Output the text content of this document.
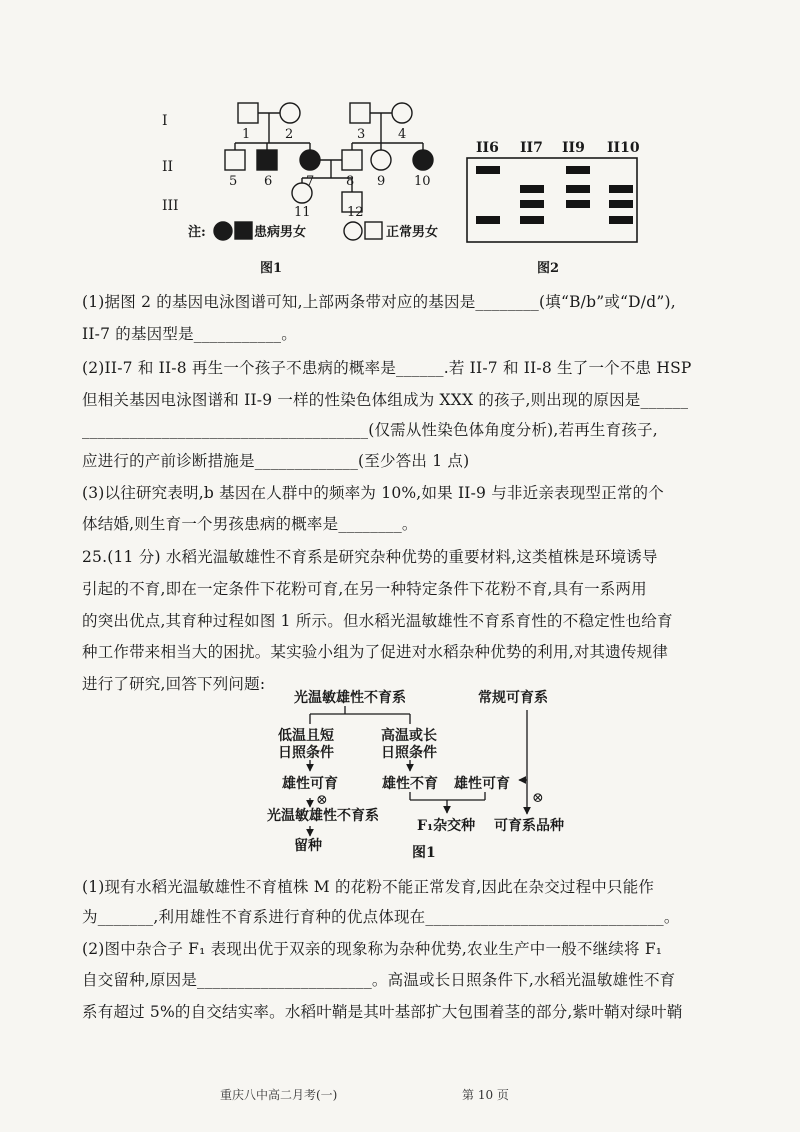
I
II
III
1	2	3	4
5 6	7 8 9 10
11	12
注:	患病男女	正常男女
图1
II6 II7 II9 II10
图2
(1)据图 2 的基因电泳图谱可知,上部两条带对应的基因是________(填“B/b”或“D/d”),
II-7 的基因型是___________。
(2)II-7 和 II-8 再生一个孩子不患病的概率是______.若 II-7 和 II-8 生了一个不患 HSP
但相关基因电泳图谱和 II-9 一样的性染色体组成为 XXX 的孩子,则出现的原因是______
____________________________________(仅需从性染色体角度分析),若再生育孩子,
应进行的产前诊断措施是_____________(至少答出 1 点)
(3)以往研究表明,b 基因在人群中的频率为 10%,如果 II-9 与非近亲表现型正常的个
体结婚,则生育一个男孩患病的概率是________。
25.(11 分) 水稻光温敏雄性不育系是研究杂种优势的重要材料,这类植株是环境诱导
引起的不育,即在一定条件下花粉可育,在另一种特定条件下花粉不育,具有一系两用
的突出优点,其育种过程如图 1 所示。但水稻光温敏雄性不育系育性的不稳定性也给育
种工作带来相当大的困扰。某实验小组为了促进对水稻杂种优势的利用,对其遗传规律
进行了研究,回答下列问题:
光温敏雄性不育系	常规可育系
低温且短
日照条件
高温或长
日照条件
雄性可育	雄性不育 雄性可育
光温敏雄性不育系
留种
F₁杂交种 可育系品种
图1
⊗	⊗
(1)现有水稻光温敏雄性不育植株 M 的花粉不能正常发育,因此在杂交过程中只能作
为_______,利用雄性不育系进行育种的优点体现在______________________________。
(2)图中杂合子 F₁ 表现出优于双亲的现象称为杂种优势,农业生产中一般不继续将 F₁
自交留种,原因是______________________。高温或长日照条件下,水稻光温敏雄性不育
系有超过 5%的自交结实率。水稻叶鞘是其叶基部扩大包围着茎的部分,紫叶鞘对绿叶鞘
重庆八中高二月考(一)	第 10 页
